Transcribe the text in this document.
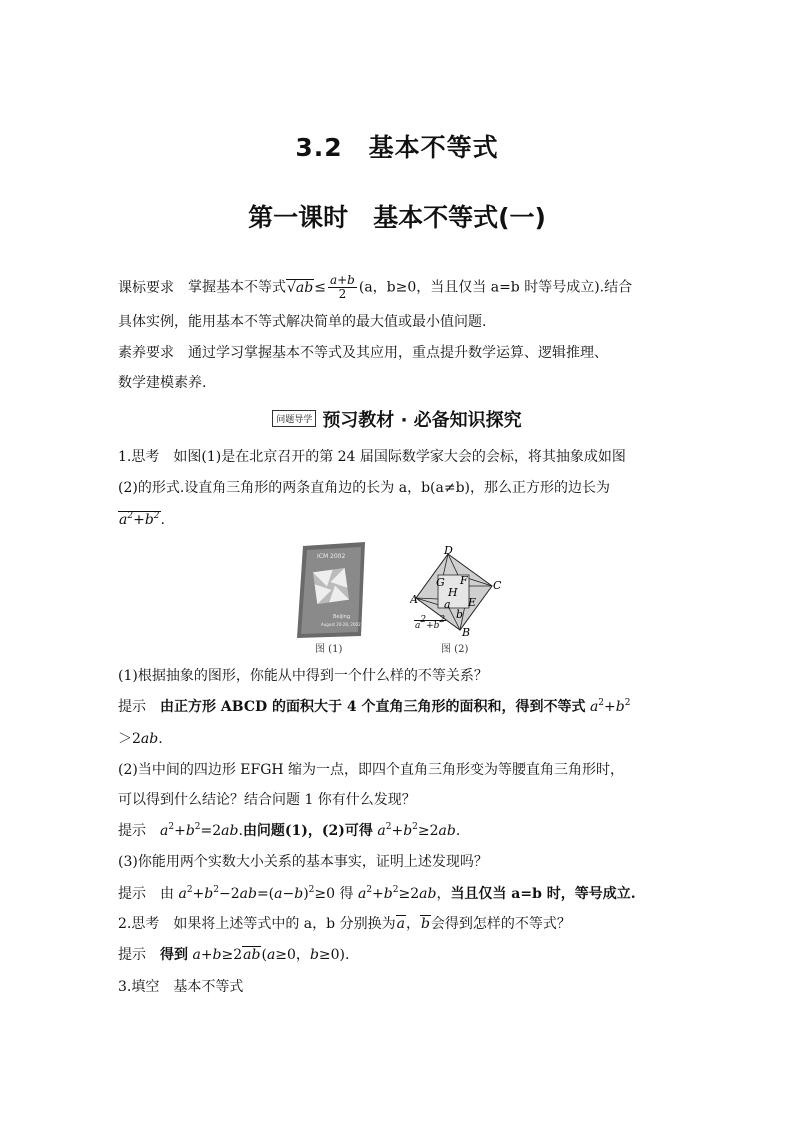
3.2　基本不等式
第一课时　基本不等式(一)
课标要求 掌握基本不等式$√ab\le \frac{a+b}{2} (a$，b≥0，当且仅当 a=b 时等号成立).结合
具体实例，能用基本不等式解决简单的最大值或最小值问题.
素养要求 通过学习掌握基本不等式及其应用，重点提升数学运算、逻辑推理、
数学建模素养.
问题导学 预习教材 · 必备知识探究
1.思考　如图(1)是在北京召开的第 24 届国际数学家大会的会标，将其抽象成如图
(2)的形式.设直角三角形的两条直角边的长为 a，b(a≠b)，那么正方形的边长为
$a^2+b^2$.
ICM 2002
Beijing
August 20-28, 2002
图 (1)
D
C
A
B
G F
H
E
a
b
$a^2+b^2$
图 (2)
(1)根据抽象的图形，你能从中得到一个什么样的不等关系？
提示 由正方形 ABCD 的面积大于 4 个直角三角形的面积和，得到不等式 $a^2+b^2$
＞2ab.
(2)当中间的四边形 EFGH 缩为一点，即四个直角三角形变为等腰直角三角形时，
可以得到什么结论？结合问题 1 你有什么发现？
提示 $a^2+b^2=2ab$.由问题(1)，(2)可得 $a^2+b^2\ge 2ab$.
(3)你能用两个实数大小关系的基本事实，证明上述发现吗？
提示 由 $a^2+b^2-2ab=(a-b)^2\ge 0$ 得 $a^2+b^2\ge 2ab$，当且仅当 a=b 时，等号成立.
2.思考　如果将上述等式中的 a，b 分别换为a，b会得到怎样的不等式？
提示 得到 a+b≥2ab(a≥0，b≥0).
3.填空　基本不等式
